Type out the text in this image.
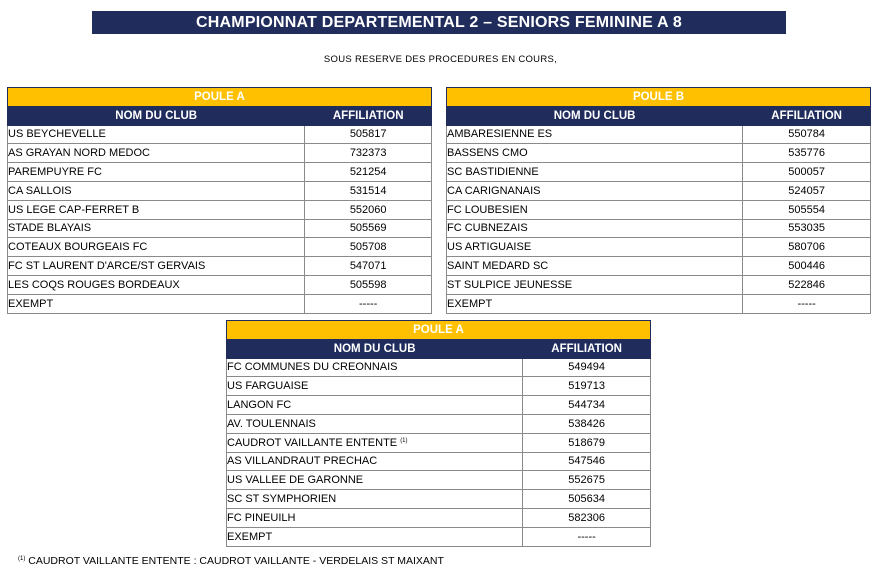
CHAMPIONNAT DEPARTEMENTAL 2 – SENIORS FEMININE A 8
SOUS RESERVE DES PROCEDURES EN COURS,
POULE A	
NOM DU CLUB	AFFILIATION
US BEYCHEVELLE	505817
AS GRAYAN NORD MEDOC	732373
PAREMPUYRE FC	521254
CA SALLOIS	531514
US LEGE CAP-FERRET B	552060
STADE BLAYAIS	505569
COTEAUX BOURGEAIS FC	505708
FC ST LAURENT D'ARCE/ST GERVAIS	547071
LES COQS ROUGES BORDEAUX	505598
EXEMPT	-----
POULE B	
NOM DU CLUB	AFFILIATION
AMBARESIENNE ES	550784
BASSENS CMO	535776
SC BASTIDIENNE	500057
CA CARIGNANAIS	524057
FC LOUBESIEN	505554
FC CUBNEZAIS	553035
US ARTIGUAISE	580706
SAINT MEDARD SC	500446
ST SULPICE JEUNESSE	522846
EXEMPT	-----
POULE A	
NOM DU CLUB	AFFILIATION
FC COMMUNES DU CREONNAIS	549494
US FARGUAISE	519713
LANGON FC	544734
AV. TOULENNAIS	538426
CAUDROT VAILLANTE ENTENTE $^{(1)}$	518679
AS VILLANDRAUT PRECHAC	547546
US VALLEE DE GARONNE	552675
SC ST SYMPHORIEN	505634
FC PINEUILH	582306
EXEMPT	-----
$^{(1)}$ CAUDROT VAILLANTE ENTENTE : CAUDROT VAILLANTE - VERDELAIS ST MAIXANT
